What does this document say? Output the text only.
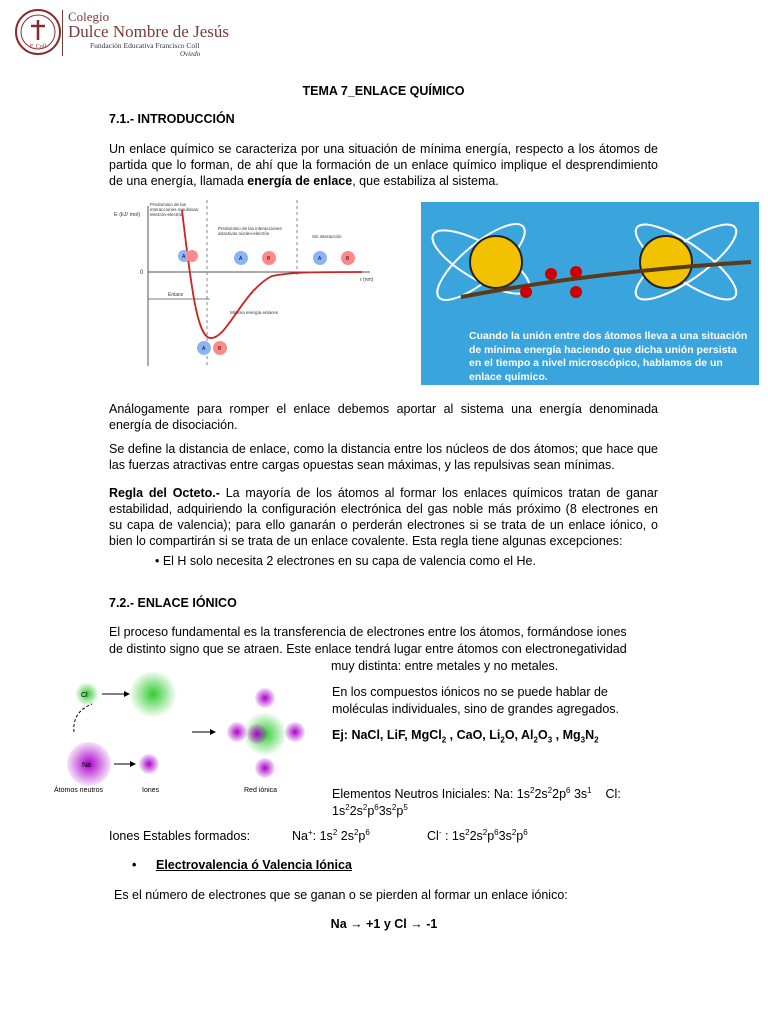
F. Coll
Colegio
Dulce Nombre de Jesús
Fundación Educativa Francisco Coll
Oviedo
TEMA 7_ENLACE QUÍMICO
7.1.- INTRODUCCIÓN
Un enlace químico se caracteriza por una situación de mínima energía, respecto a los átomos de partida que lo forman, de ahí que la formación de un enlace químico implique el desprendimiento de una energía, llamada energía de enlace, que estabiliza al sistema.
E (kJ/ mol)
r (nm)
0
Predominio de las interacciones repulsivas electrón-electrón
Predominio de las interacciones atractivas núcleo-electrón
Sin interacción
Enlace
Mínima energía enlaces
A	A	B	A	B
A	B
Cuando la unión entre dos átomos lleva a una situación de mínima energía haciendo que dicha unión persista en el tiempo a nivel microscópico, hablamos de un enlace químico.
Análogamente para romper el enlace debemos aportar al sistema una energía denominada energía de disociación.
Se define la distancia de enlace, como la distancia entre los núcleos de dos átomos; que hace que las fuerzas atractivas entre cargas opuestas sean máximas, y las repulsivas sean mínimas.
Regla del Octeto.- La mayoría de los átomos al formar los enlaces químicos tratan de ganar estabilidad, adquiriendo la configuración electrónica del gas noble más próximo (8 electrones en su capa de valencia); para ello ganarán o perderán electrones si se trata de un enlace iónico, o bien lo compartirán si se trata de un enlace covalente. Esta regla tiene algunas excepciones:
• El H solo necesita 2 electrones en su capa de valencia como el He.
7.2.- ENLACE IÓNICO
El proceso fundamental es la transferencia de electrones entre los átomos, formándose iones
de distinto signo que se atraen. Este enlace tendrá lugar entre átomos con electronegatividad
muy distinta: entre metales y no metales.
Cl
Na
Átomos neutros	Iones	Red iónica
En los compuestos iónicos no se puede hablar de moléculas individuales, sino de grandes agregados.
Ej: NaCl, LiF, MgCl$_2$ , CaO, $Li_2O$, $Al_2O_3$ , $Mg_3N_2$
Elementos Neutros Iniciales: Na: $1s^22s^22p^6$ $3s^1$    Cl:
$1s^22s^2p^63s^2p^5$
Iones Estables formados:	Na+: $1s^2$ $2s^2p^6$	Cl- : $1s^22s^2p^63s^2p^6$
• Electrovalencia ó Valencia Iónica
Es el número de electrones que se ganan o se pierden al formar un enlace iónico:
Na → +1 y Cl → -1
